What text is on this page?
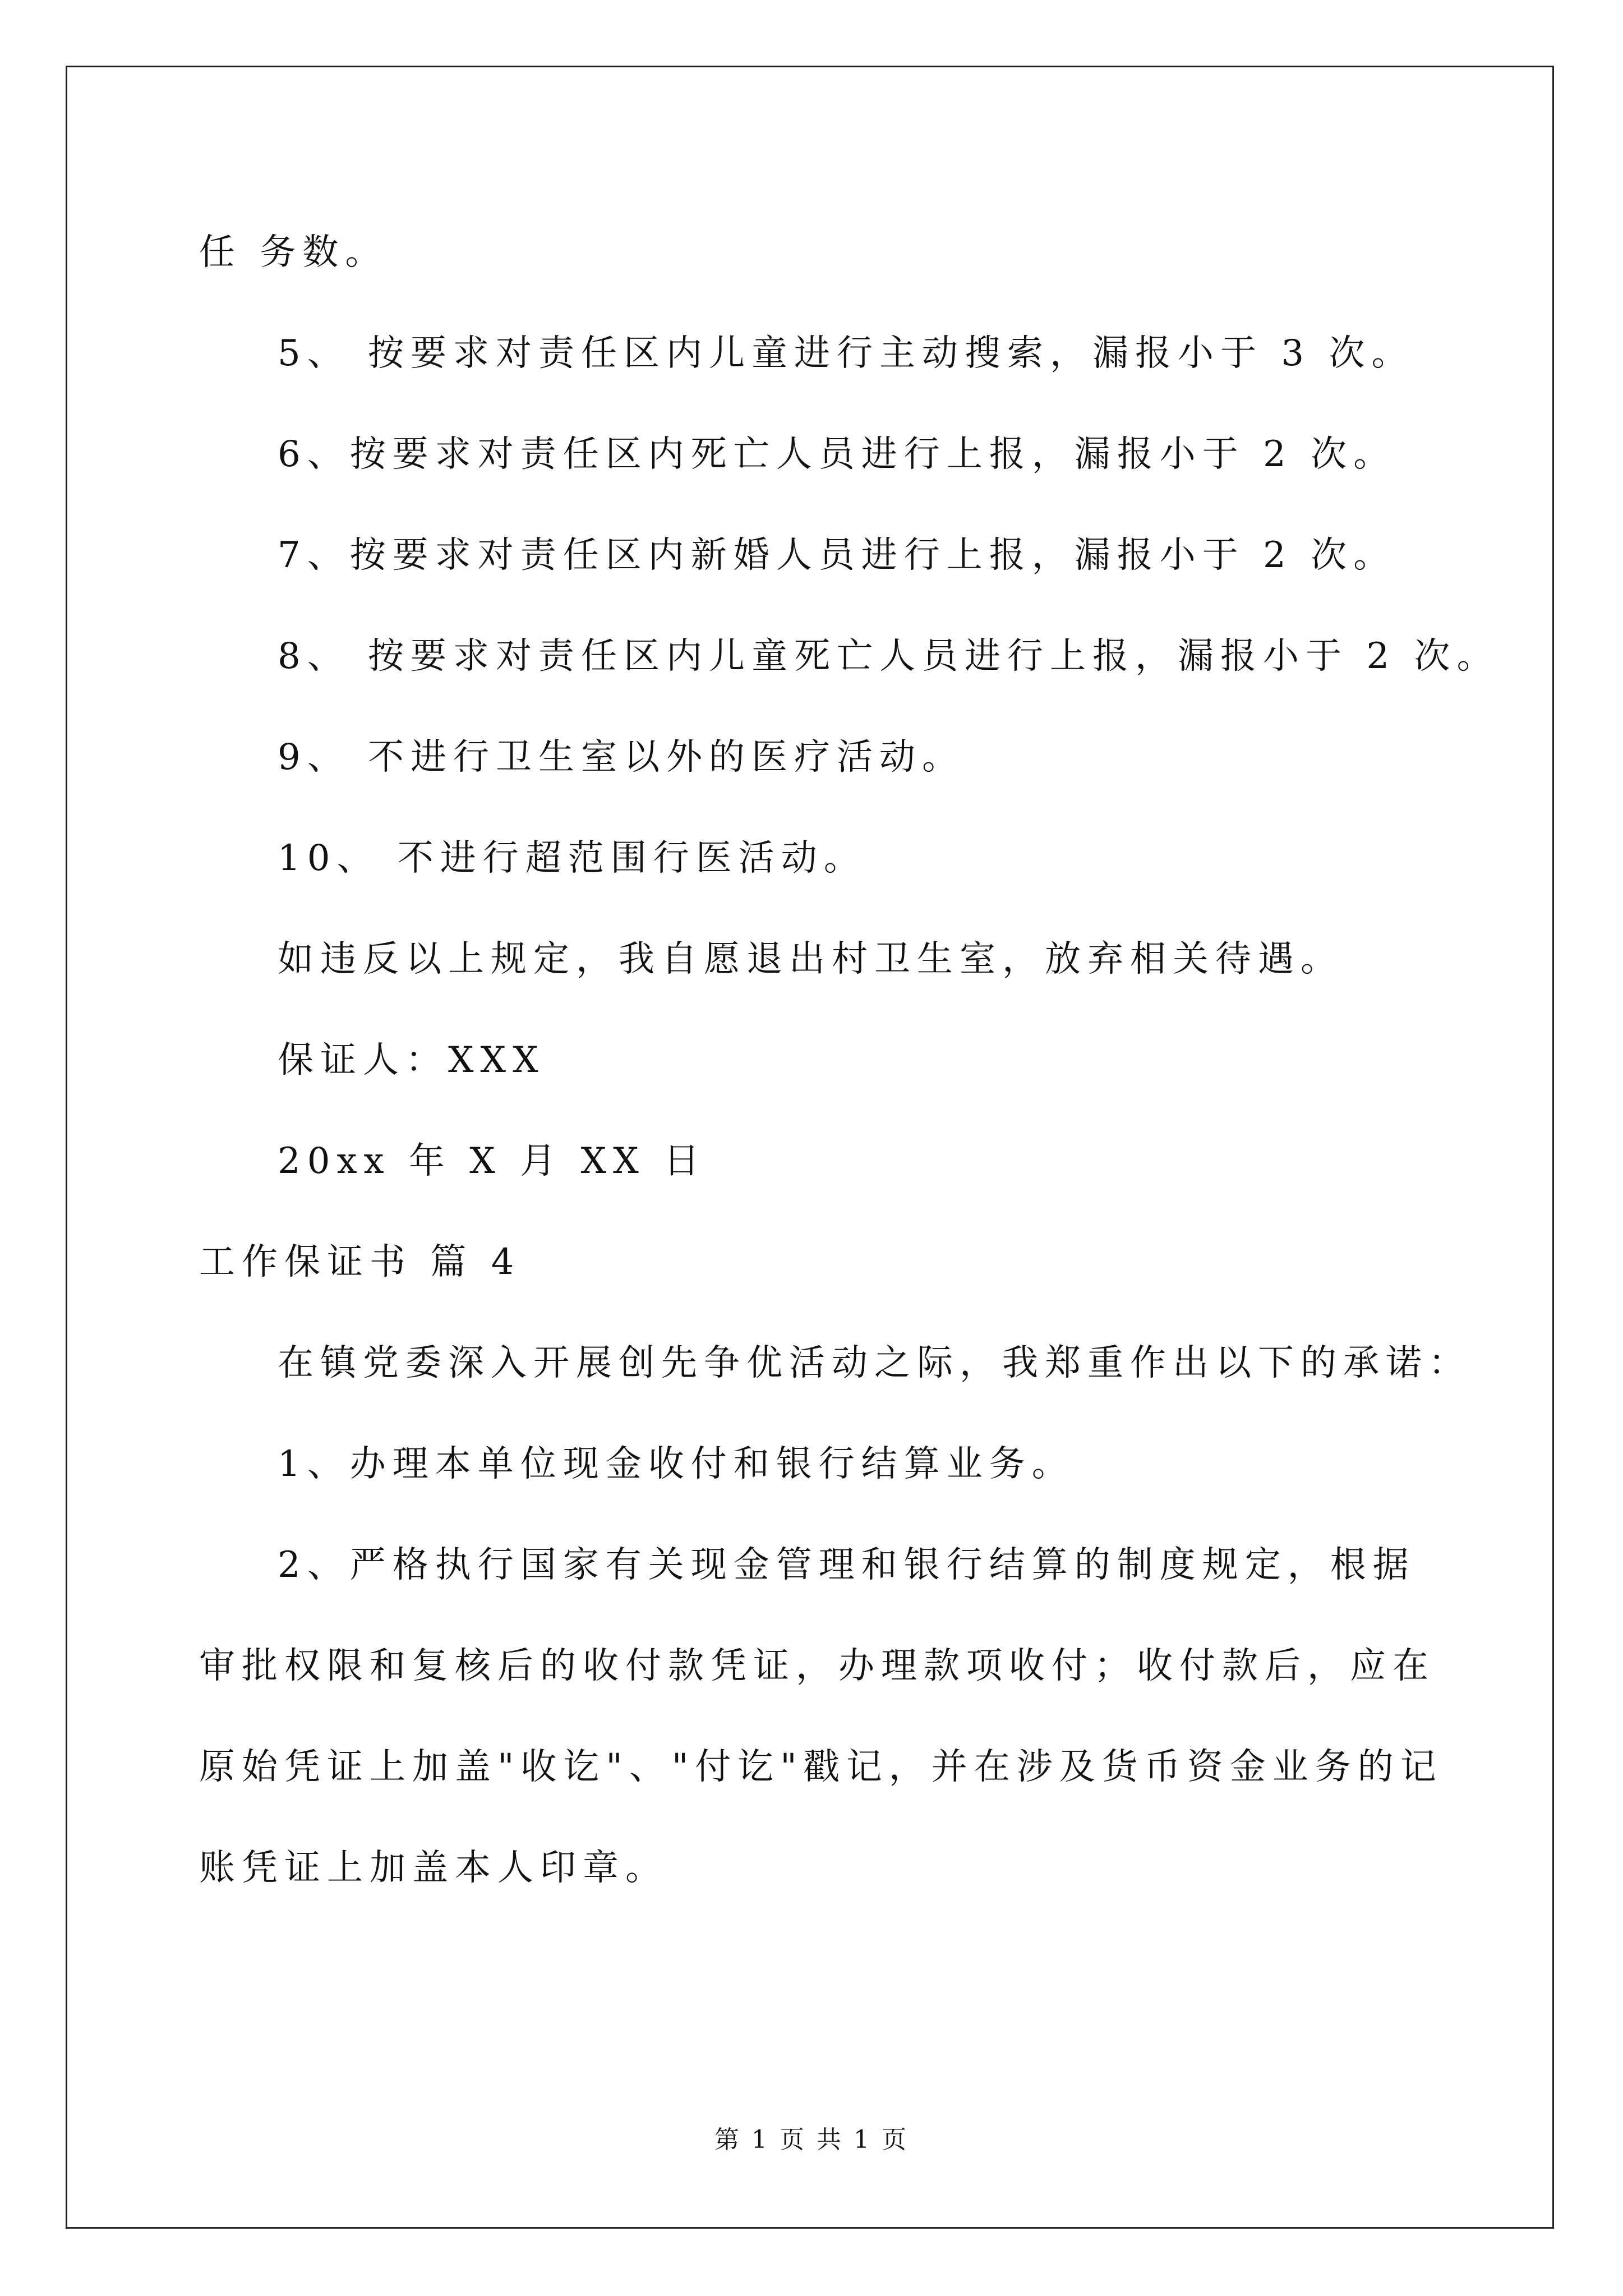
任 务数。

5、 按要求对责任区内儿童进行主动搜索，漏报小于 3 次。

6、按要求对责任区内死亡人员进行上报，漏报小于 2 次。

7、按要求对责任区内新婚人员进行上报，漏报小于 2 次。

8、 按要求对责任区内儿童死亡人员进行上报，漏报小于 2 次。

9、 不进行卫生室以外的医疗活动。

10、 不进行超范围行医活动。

如违反以上规定，我自愿退出村卫生室，放弃相关待遇。

保证人：XXX

20xx 年 X 月 XX 日

工作保证书 篇 4

在镇党委深入开展创先争优活动之际，我郑重作出以下的承诺：

1、办理本单位现金收付和银行结算业务。

2、严格执行国家有关现金管理和银行结算的制度规定，根据审批权限和复核后的收付款凭证，办理款项收付；收付款后，应在原始凭证上加盖"收讫"、"付讫"戳记，并在涉及货币资金业务的记账凭证上加盖本人印章。

第 1 页 共 1 页
